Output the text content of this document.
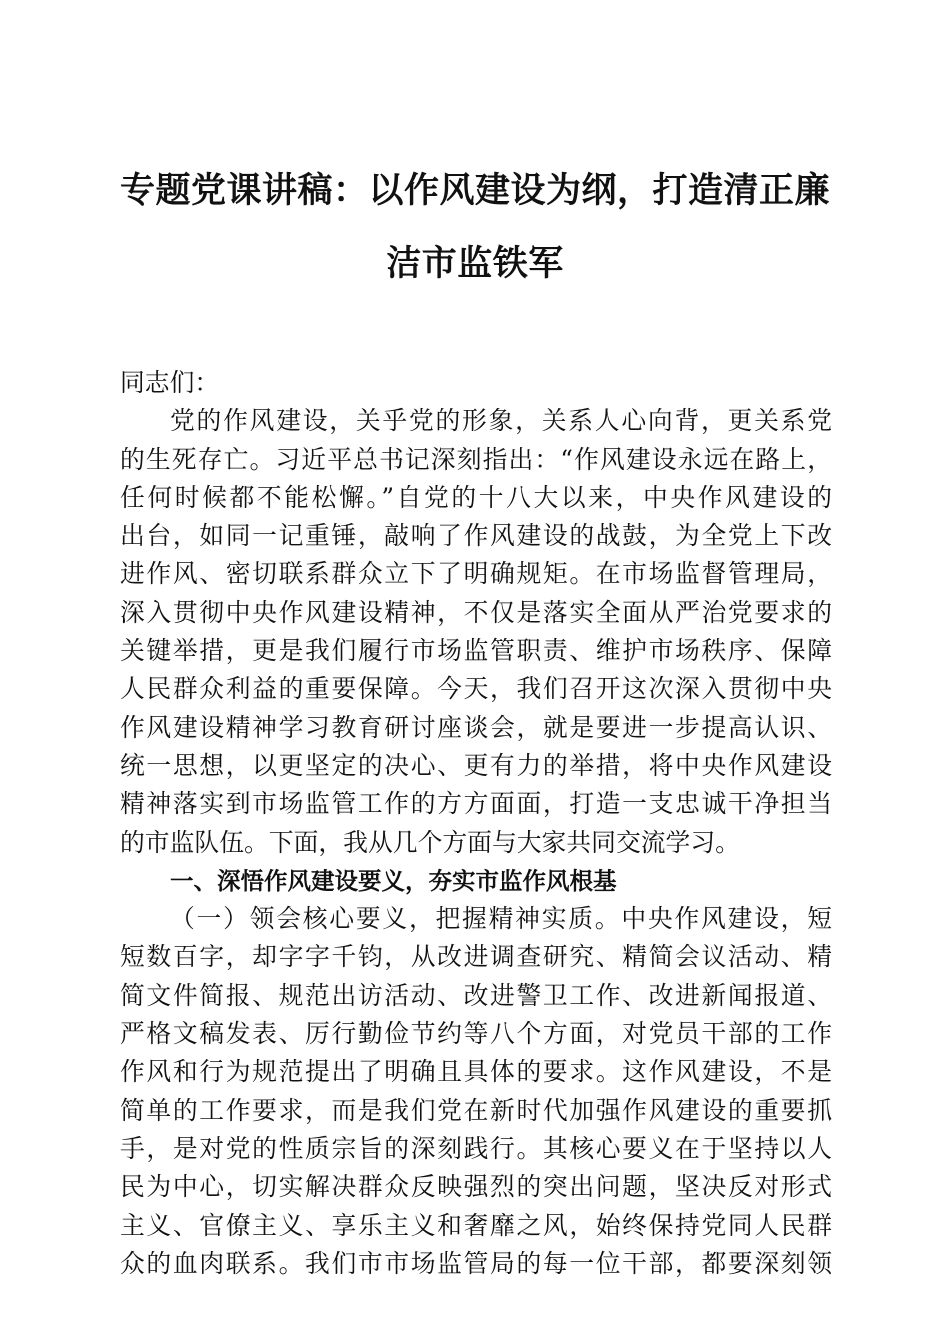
专题党课讲稿：以作风建设为纲，打造清正廉
洁市监铁军
同志们：
党的作风建设，关乎党的形象，关系人心向背，更关系党
的生死存亡。习近平总书记深刻指出：“作风建设永远在路上，
任何时候都不能松懈。”自党的十八大以来，中央作风建设的
出台，如同一记重锤，敲响了作风建设的战鼓，为全党上下改
进作风、密切联系群众立下了明确规矩。在市场监督管理局，
深入贯彻中央作风建设精神，不仅是落实全面从严治党要求的
关键举措，更是我们履行市场监管职责、维护市场秩序、保障
人民群众利益的重要保障。今天，我们召开这次深入贯彻中央
作风建设精神学习教育研讨座谈会，就是要进一步提高认识、
统一思想，以更坚定的决心、更有力的举措，将中央作风建设
精神落实到市场监管工作的方方面面，打造一支忠诚干净担当
的市监队伍。下面，我从几个方面与大家共同交流学习。
一、深悟作风建设要义，夯实市监作风根基
（一）领会核心要义，把握精神实质。中央作风建设，短
短数百字，却字字千钧，从改进调查研究、精简会议活动、精
简文件简报、规范出访活动、改进警卫工作、改进新闻报道、
严格文稿发表、厉行勤俭节约等八个方面，对党员干部的工作
作风和行为规范提出了明确且具体的要求。这作风建设，不是
简单的工作要求，而是我们党在新时代加强作风建设的重要抓
手，是对党的性质宗旨的深刻践行。其核心要义在于坚持以人
民为中心，切实解决群众反映强烈的突出问题，坚决反对形式
主义、官僚主义、享乐主义和奢靡之风，始终保持党同人民群
众的血肉联系。我们市市场监管局的每一位干部，都要深刻领
